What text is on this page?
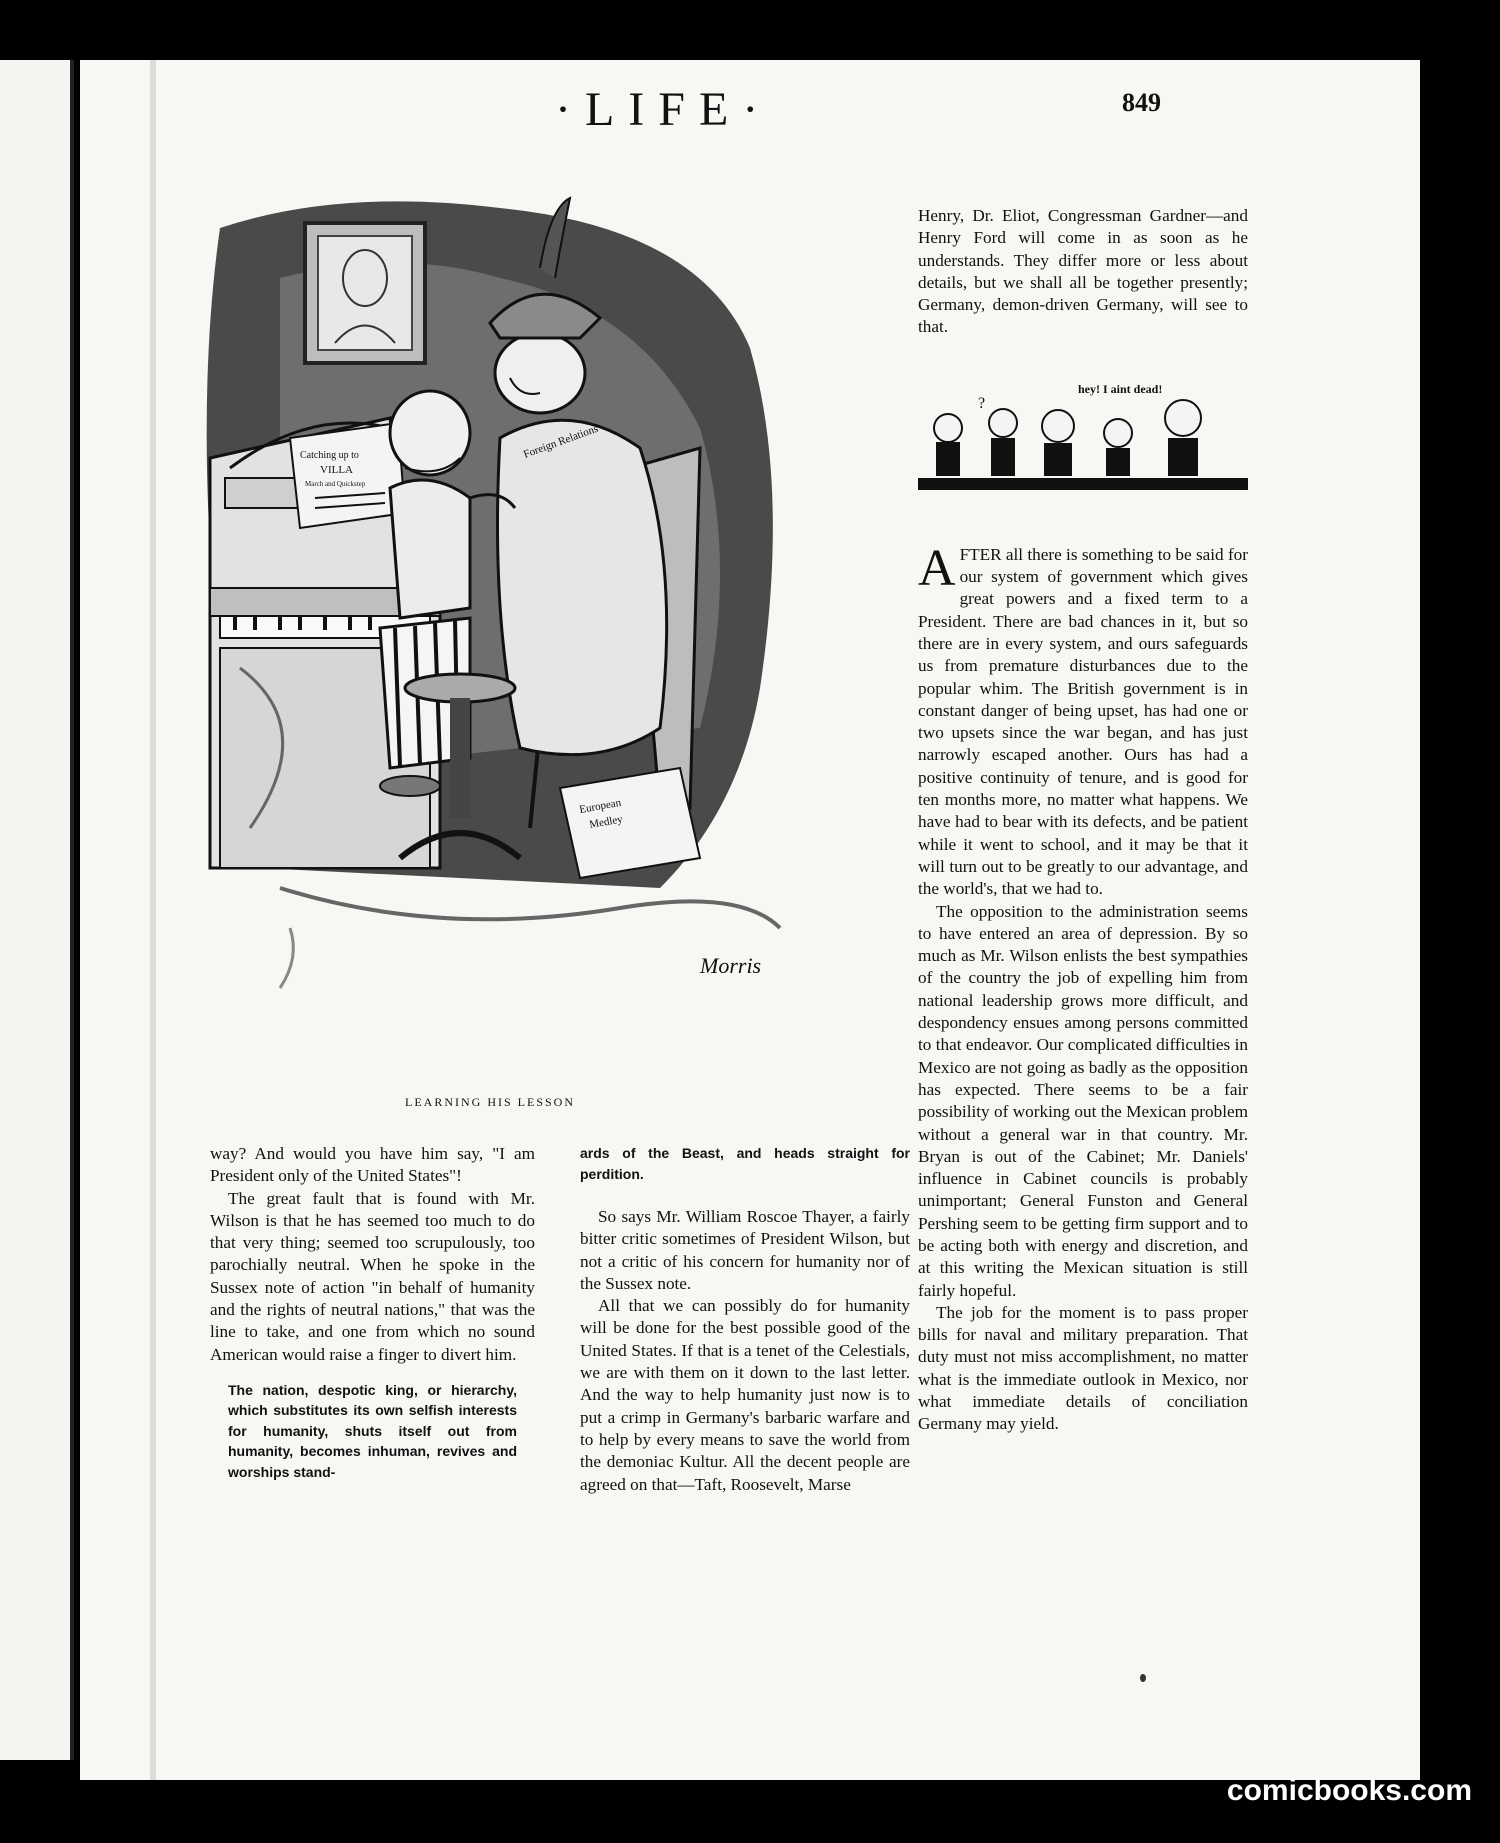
·LIFE·	849
Catching up to
VILLA
March and Quickstep
Foreign Relations
European
Medley
Morris
LEARNING HIS LESSON
?
hey! I aint dead!

way? And would you have him say, "I am President only of the United States"!

The great fault that is found with Mr. Wilson is that he has seemed too much to do that very thing; seemed too scrupulously, too parochially neutral. When he spoke in the Sussex note of action "in behalf of humanity and the rights of neutral nations," that was the line to take, and one from which no sound American would raise a finger to divert him.

The nation, despotic king, or hierarchy, which substitutes its own selfish interests for humanity, shuts itself out from humanity, becomes inhuman, revives and worships stand-

ards of the Beast, and heads straight for perdition.

So says Mr. William Roscoe Thayer, a fairly bitter critic sometimes of President Wilson, but not a critic of his concern for humanity nor of the Sussex note.

All that we can possibly do for humanity will be done for the best possible good of the United States. If that is a tenet of the Celestials, we are with them on it down to the last letter. And the way to help humanity just now is to put a crimp in Germany's barbaric warfare and to help by every means to save the world from the demoniac Kultur. All the decent people are agreed on that—Taft, Roosevelt, Marse

Henry, Dr. Eliot, Congressman Gardner—and Henry Ford will come in as soon as he understands. They differ more or less about details, but we shall all be together presently; Germany, demon-driven Germany, will see to that.

AFTER all there is something to be said for our system of government which gives great powers and a fixed term to a President. There are bad chances in it, but so there are in every system, and ours safeguards us from premature disturbances due to the popular whim. The British government is in constant danger of being upset, has had one or two upsets since the war began, and has just narrowly escaped another. Ours has had a positive continuity of tenure, and is good for ten months more, no matter what happens. We have had to bear with its defects, and be patient while it went to school, and it may be that it will turn out to be greatly to our advantage, and the world's, that we had to.

The opposition to the administration seems to have entered an area of depression. By so much as Mr. Wilson enlists the best sympathies of the country the job of expelling him from national leadership grows more difficult, and despondency ensues among persons committed to that endeavor. Our complicated difficulties in Mexico are not going as badly as the opposition has expected. There seems to be a fair possibility of working out the Mexican problem without a general war in that country. Mr. Bryan is out of the Cabinet; Mr. Daniels' influence in Cabinet councils is probably unimportant; General Funston and General Pershing seem to be getting firm support and to be acting both with energy and discretion, and at this writing the Mexican situation is still fairly hopeful.

The job for the moment is to pass proper bills for naval and military preparation. That duty must not miss accomplishment, no matter what is the immediate outlook in Mexico, nor what immediate details of conciliation Germany may yield.

comicbooks.com
